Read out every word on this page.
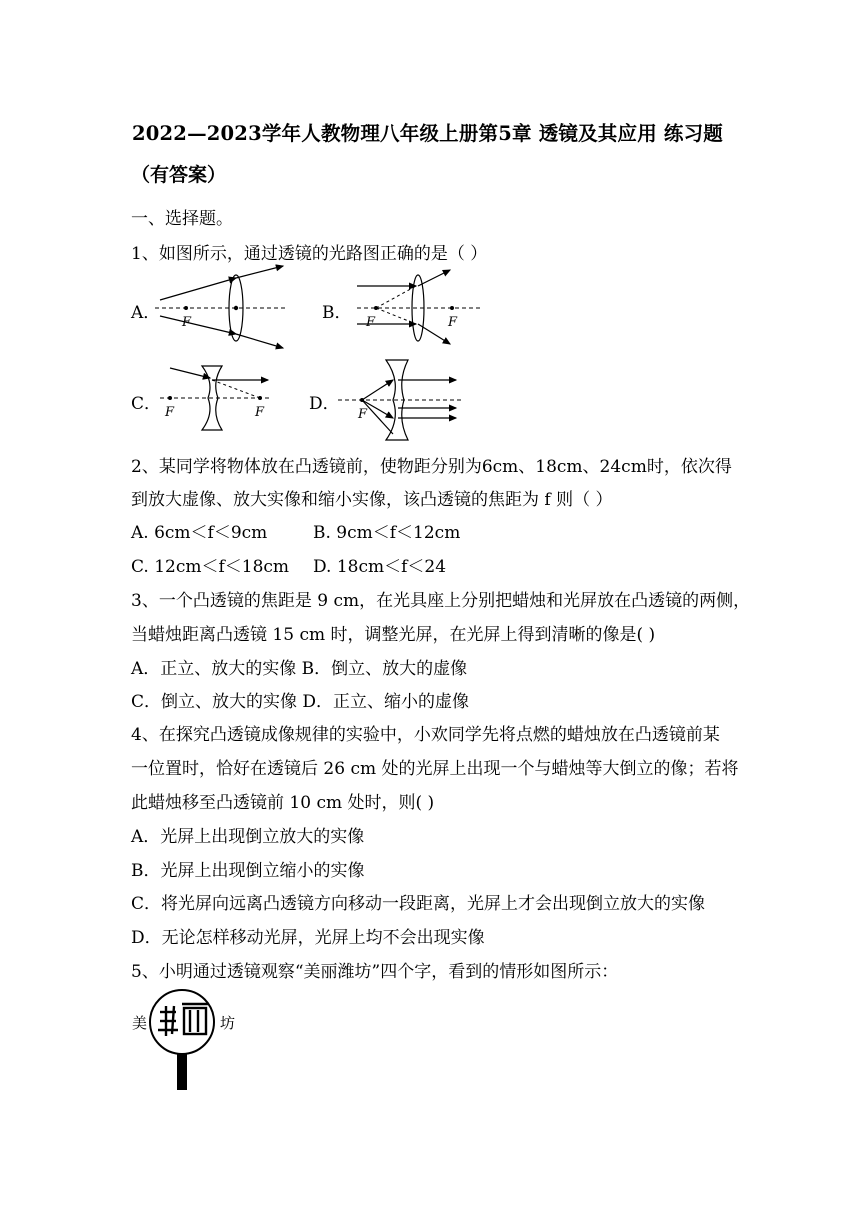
2022—2023学年人教物理八年级上册第5章 透镜及其应用 练习题
（有答案）
一、选择题。
1、如图所示，通过透镜的光路图正确的是（ ）
A．	B．
C．	D．
F	F	F
F	F	F
2、某同学将物体放在凸透镜前，使物距分别为6cm、18cm、24cm时，依次得
到放大虚像、放大实像和缩小实像，该凸透镜的焦距为 f 则（ ）
A. 6cm＜f＜9cm	B. 9cm＜f＜12cm
C. 12cm＜f＜18cm D. 18cm＜f＜24
3、一个凸透镜的焦距是 9 cm，在光具座上分别把蜡烛和光屏放在凸透镜的两侧，
当蜡烛距离凸透镜 15 cm 时，调整光屏，在光屏上得到清晰的像是( )
A．正立、放大的实像 B．倒立、放大的虚像
C．倒立、放大的实像 D．正立、缩小的虚像
4、在探究凸透镜成像规律的实验中，小欢同学先将点燃的蜡烛放在凸透镜前某
一位置时，恰好在透镜后 26 cm 处的光屏上出现一个与蜡烛等大倒立的像；若将
此蜡烛移至凸透镜前 10 cm 处时，则( )
A．光屏上出现倒立放大的实像
B．光屏上出现倒立缩小的实像
C．将光屏向远离凸透镜方向移动一段距离，光屏上才会出现倒立放大的实像
D．无论怎样移动光屏，光屏上均不会出现实像
5、小明通过透镜观察“美丽潍坊”四个字，看到的情形如图所示：
美	坊
